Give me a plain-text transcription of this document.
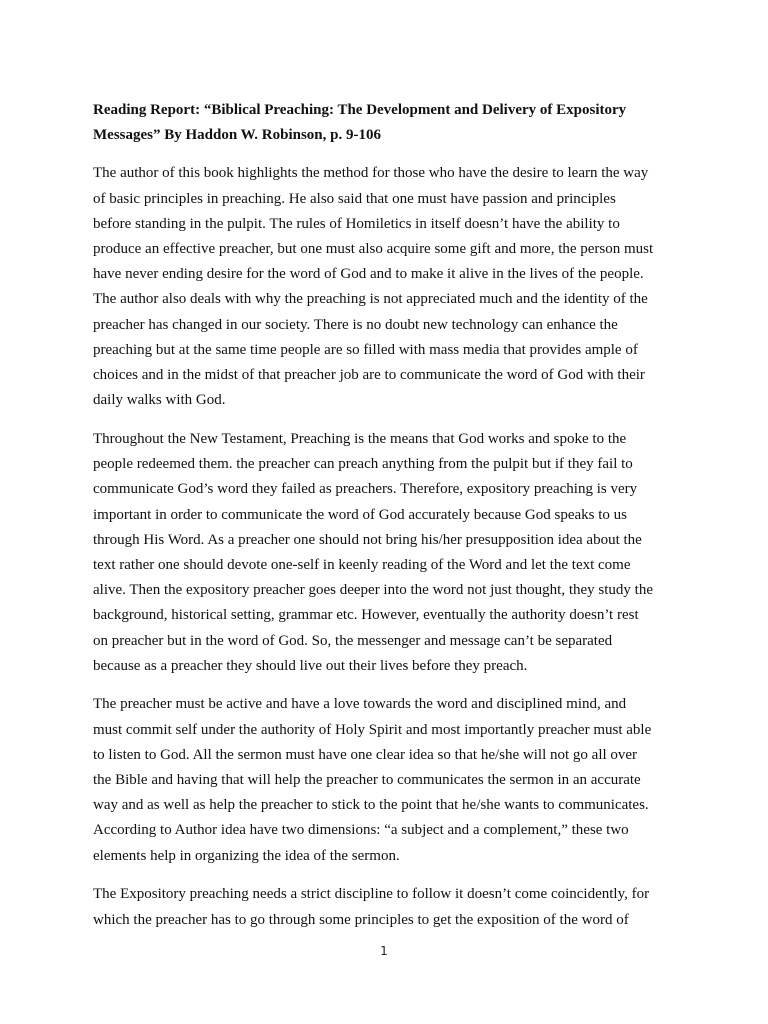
Reading Report: “Biblical Preaching: The Development and Delivery of Expository
Messages” By Haddon W. Robinson, p. 9-106
The author of this book highlights the method for those who have the desire to learn the way
of basic principles in preaching. He also said that one must have passion and principles
before standing in the pulpit. The rules of Homiletics in itself doesn’t have the ability to
produce an effective preacher, but one must also acquire some gift and more, the person must
have never ending desire for the word of God and to make it alive in the lives of the people.
The author also deals with why the preaching is not appreciated much and the identity of the
preacher has changed in our society. There is no doubt new technology can enhance the
preaching but at the same time people are so filled with mass media that provides ample of
choices and in the midst of that preacher job are to communicate the word of God with their
daily walks with God.
Throughout the New Testament, Preaching is the means that God works and spoke to the
people redeemed them. the preacher can preach anything from the pulpit but if they fail to
communicate God’s word they failed as preachers. Therefore, expository preaching is very
important in order to communicate the word of God accurately because God speaks to us
through His Word. As a preacher one should not bring his/her presupposition idea about the
text rather one should devote one-self in keenly reading of the Word and let the text come
alive. Then the expository preacher goes deeper into the word not just thought, they study the
background, historical setting, grammar etc. However, eventually the authority doesn’t rest
on preacher but in the word of God. So, the messenger and message can’t be separated
because as a preacher they should live out their lives before they preach.
The preacher must be active and have a love towards the word and disciplined mind, and
must commit self under the authority of Holy Spirit and most importantly preacher must able
to listen to God. All the sermon must have one clear idea so that he/she will not go all over
the Bible and having that will help the preacher to communicates the sermon in an accurate
way and as well as help the preacher to stick to the point that he/she wants to communicates.
According to Author idea have two dimensions: “a subject and a complement,” these two
elements help in organizing the idea of the sermon.
The Expository preaching needs a strict discipline to follow it doesn’t come coincidently, for
which the preacher has to go through some principles to get the exposition of the word of
1
